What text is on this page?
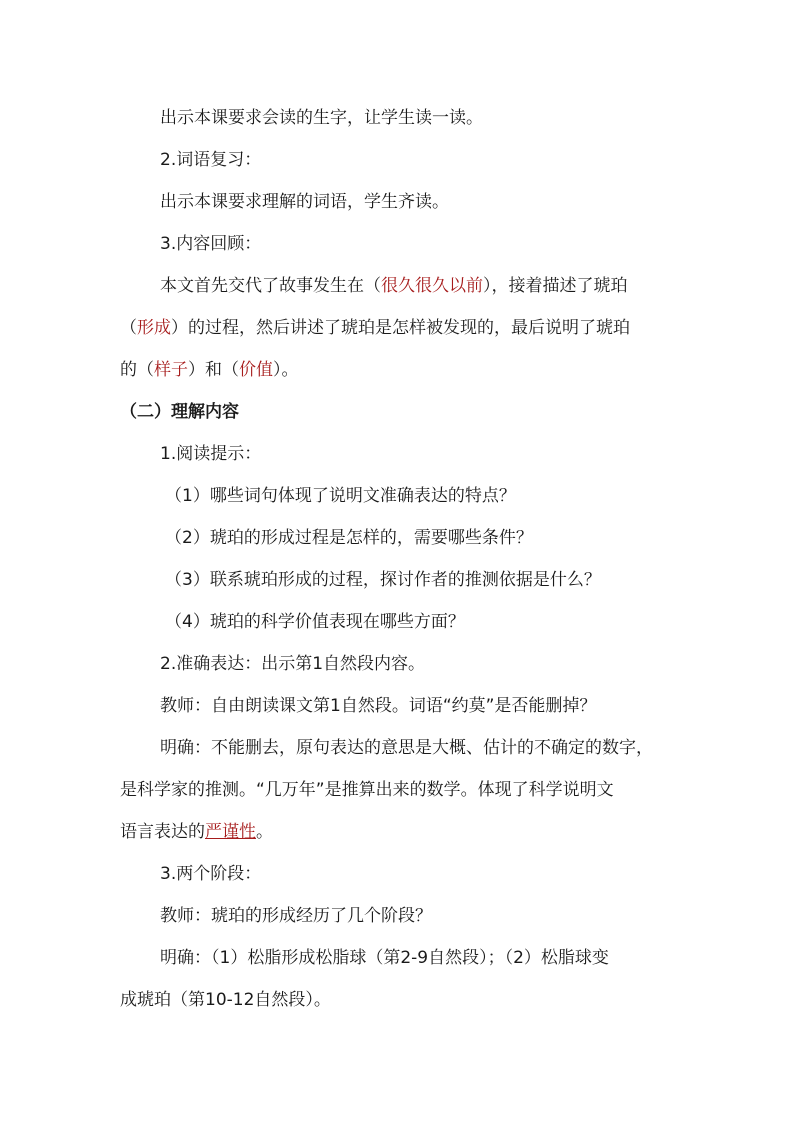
出示本课要求会读的生字，让学生读一读。
2.词语复习：
出示本课要求理解的词语，学生齐读。
3.内容回顾：
本文首先交代了故事发生在（很久很久以前），接着描述了琥珀
（形成）的过程，然后讲述了琥珀是怎样被发现的，最后说明了琥珀
的（样子）和（价值）。
（二）理解内容
1.阅读提示：
（1）哪些词句体现了说明文准确表达的特点？
（2）琥珀的形成过程是怎样的，需要哪些条件？
（3）联系琥珀形成的过程，探讨作者的推测依据是什么？
（4）琥珀的科学价值表现在哪些方面？
2.准确表达：出示第1自然段内容。
教师：自由朗读课文第1自然段。词语“约莫”是否能删掉？
明确：不能删去，原句表达的意思是大概、估计的不确定的数字，
是科学家的推测。“几万年”是推算出来的数学。体现了科学说明文
语言表达的严谨性。
3.两个阶段：
教师：琥珀的形成经历了几个阶段？
明确：（1）松脂形成松脂球（第2-9自然段）；（2）松脂球变
成琥珀（第10-12自然段）。
